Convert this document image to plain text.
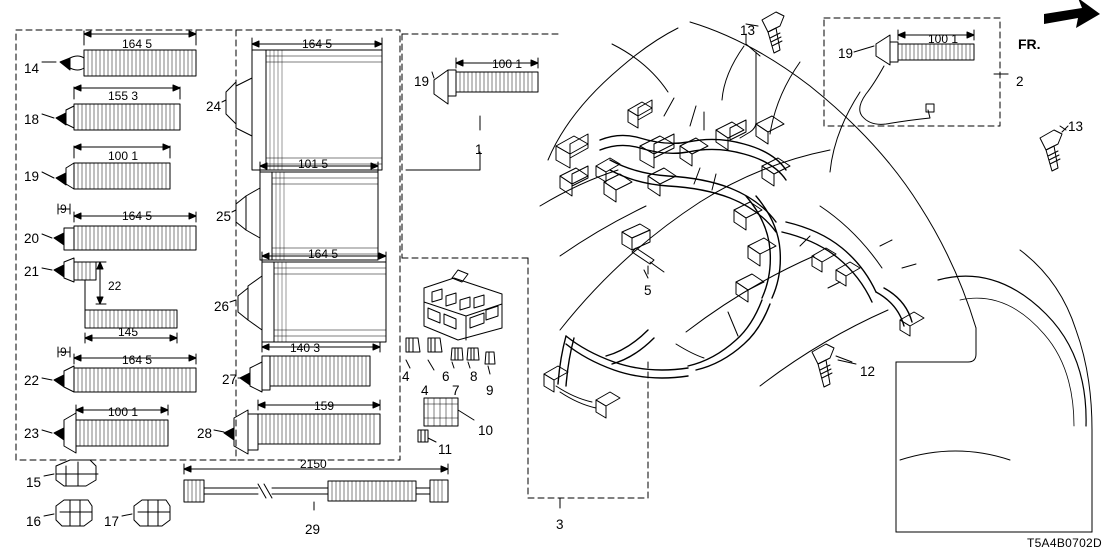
14
18
19
20
21
22
23
15
16	17
24
25
26
27
28
29
4
4
6
7
8
9
10
11
19
1
3
5
12
13
13
19
2
164 5
155 3
100 1
9	164 5
22
145
9
164 5
100 1
164 5
101 5
164 5
140 3
159
2150
100 1
100 1	FR.
T5A4B0702D
